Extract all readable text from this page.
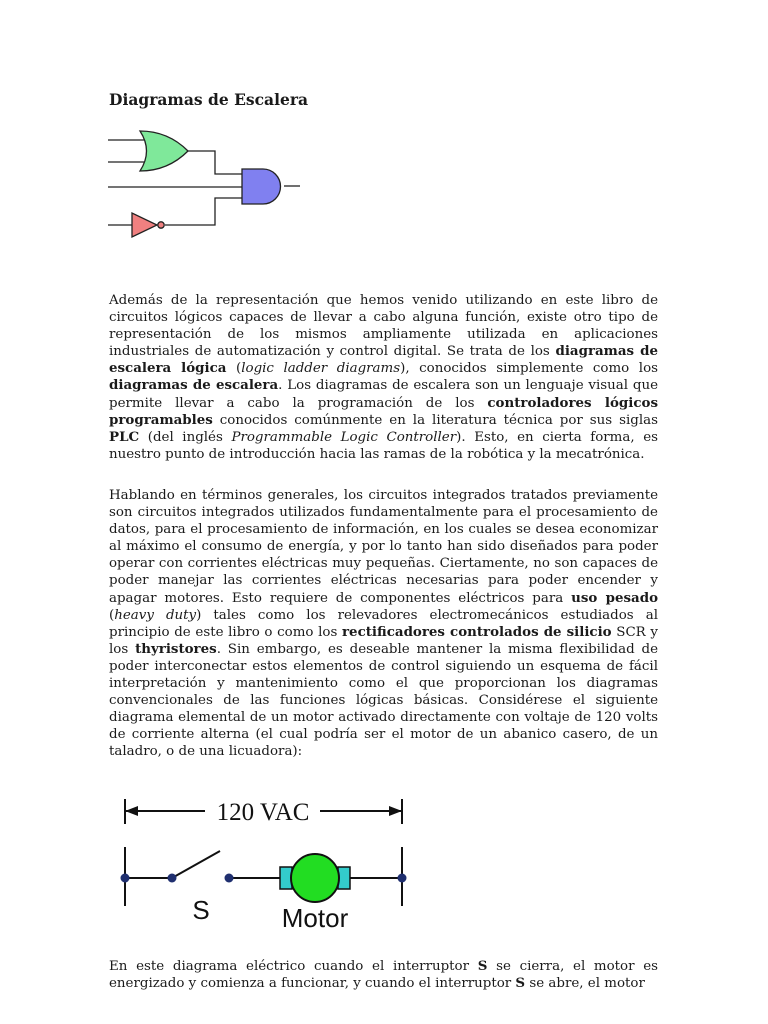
Diagramas de Escalera

Además de la representación que hemos venido utilizando en este libro de circuitos lógicos capaces de llevar a cabo alguna función, existe otro tipo de representación de los mismos ampliamente utilizada en aplicaciones industriales de automatización y control digital. Se trata de los diagramas de escalera lógica (logic ladder diagrams), conocidos simplemente como los diagramas de escalera. Los diagramas de escalera son un lenguaje visual que permite llevar a cabo la programación de los controladores lógicos programables conocidos comúnmente en la literatura técnica por sus siglas PLC (del inglés Programmable Logic Controller). Esto, en cierta forma, es nuestro punto de introducción hacia las ramas de la robótica y la mecatrónica.

Hablando en términos generales, los circuitos integrados tratados previamente son circuitos integrados utilizados fundamentalmente para el procesamiento de datos, para el procesamiento de información, en los cuales se desea economizar al máximo el consumo de energía, y por lo tanto han sido diseñados para poder operar con corrientes eléctricas muy pequeñas. Ciertamente, no son capaces de poder manejar las corrientes eléctricas necesarias para poder encender y apagar motores. Esto requiere de componentes eléctricos para uso pesado (heavy duty) tales como los relevadores electromecánicos estudiados al principio de este libro o como los rectificadores controlados de silicio SCR y los thyristores. Sin embargo, es deseable mantener la misma flexibilidad de poder interconectar estos elementos de control siguiendo un esquema de fácil interpretación y mantenimiento como el que proporcionan los diagramas convencionales de las funciones lógicas básicas. Considérese el siguiente diagrama elemental de un motor activado directamente con voltaje de 120 volts de corriente alterna (el cual podría ser el motor de un abanico casero, de un taladro, o de una licuadora):

120 VAC
S	Motor

En este diagrama eléctrico cuando el interruptor S se cierra, el motor es energizado y comienza a funcionar, y cuando el interruptor S se abre, el motor
